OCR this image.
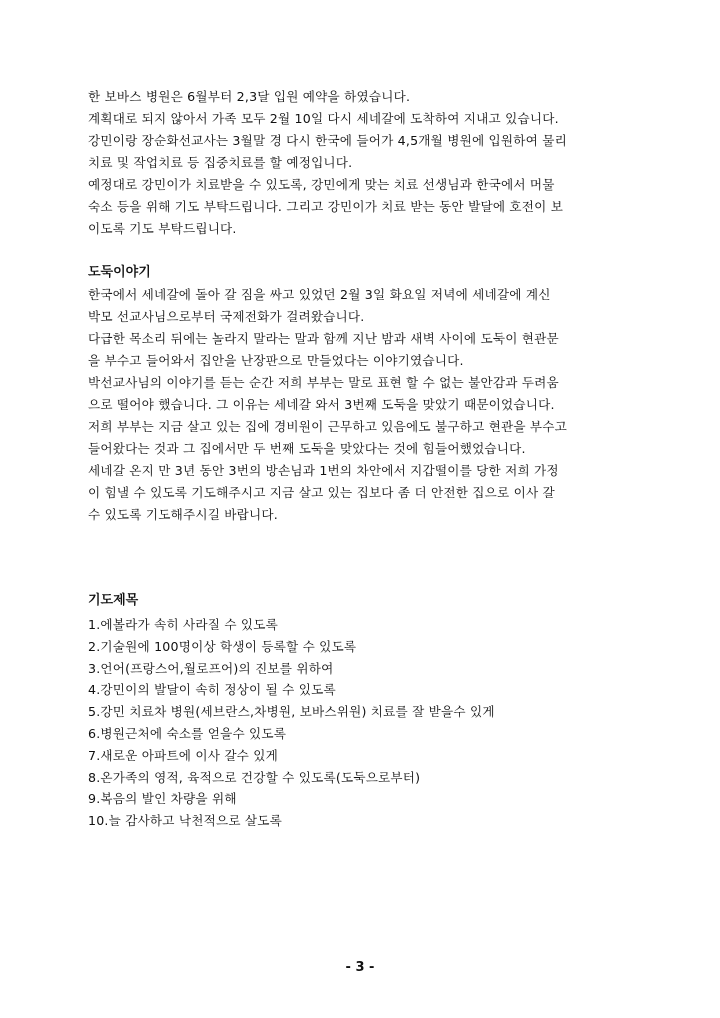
한 보바스 병원은 6월부터 2,3달 입원 예약을 하였습니다.

계획대로 되지 않아서 가족 모두 2월 10일 다시 세네갈에 도착하여 지내고 있습니다.

강민이랑 장순화선교사는 3월말 경 다시 한국에 들어가 4,5개월 병원에 입원하여 물리

치료 및 작업치료 등 집중치료를 할 예정입니다.

예정대로 강민이가 치료받을 수 있도록, 강민에게 맞는 치료 선생님과 한국에서 머물

숙소 등을 위해 기도 부탁드립니다. 그리고 강민이가 치료 받는 동안 발달에 호전이 보

이도록 기도 부탁드립니다.

도둑이야기

한국에서 세네갈에 돌아 갈 짐을 싸고 있었던 2월 3일 화요일 저녁에 세네갈에 계신

박모 선교사님으로부터 국제전화가 걸려왔습니다.

다급한 목소리 뒤에는 놀라지 말라는 말과 함께 지난 밤과 새벽 사이에 도둑이 현관문

을 부수고 들어와서 집안을 난장판으로 만들었다는 이야기였습니다.

박선교사님의 이야기를 듣는 순간 저희 부부는 말로 표현 할 수 없는 불안감과 두려움

으로 떨어야 했습니다. 그 이유는 세네갈 와서 3번째 도둑을 맞았기 때문이었습니다.

저희 부부는 지금 살고 있는 집에 경비원이 근무하고 있음에도 불구하고 현관을 부수고

들어왔다는 것과 그 집에서만 두 번째 도둑을 맞았다는 것에 힘들어했었습니다.

세네갈 온지 만 3년 동안 3번의 방손님과 1번의 차안에서 지갑떨이를 당한 저희 가정

이 힘낼 수 있도록 기도해주시고 지금 살고 있는 집보다 좀 더 안전한 집으로 이사 갈

수 있도록 기도해주시길 바랍니다.

기도제목
1.에볼라가 속히 사라질 수 있도록
2.기술원에 100명이상 학생이 등록할 수 있도록
3.언어(프랑스어,월로프어)의 진보를 위하여
4.강민이의 발달이 속히 정상이 될 수 있도록
5.강민 치료차 병원(세브란스,차병원, 보바스위원) 치료를 잘 받을수 있게
6.병원근처에 숙소를 얻을수 있도록
7.새로운 아파트에 이사 갈수 있게
8.온가족의 영적, 육적으로 건강할 수 있도록(도둑으로부터)
9.복음의 발인 차량을 위해
10.늘 감사하고 낙천적으로 살도록
- 3 -
